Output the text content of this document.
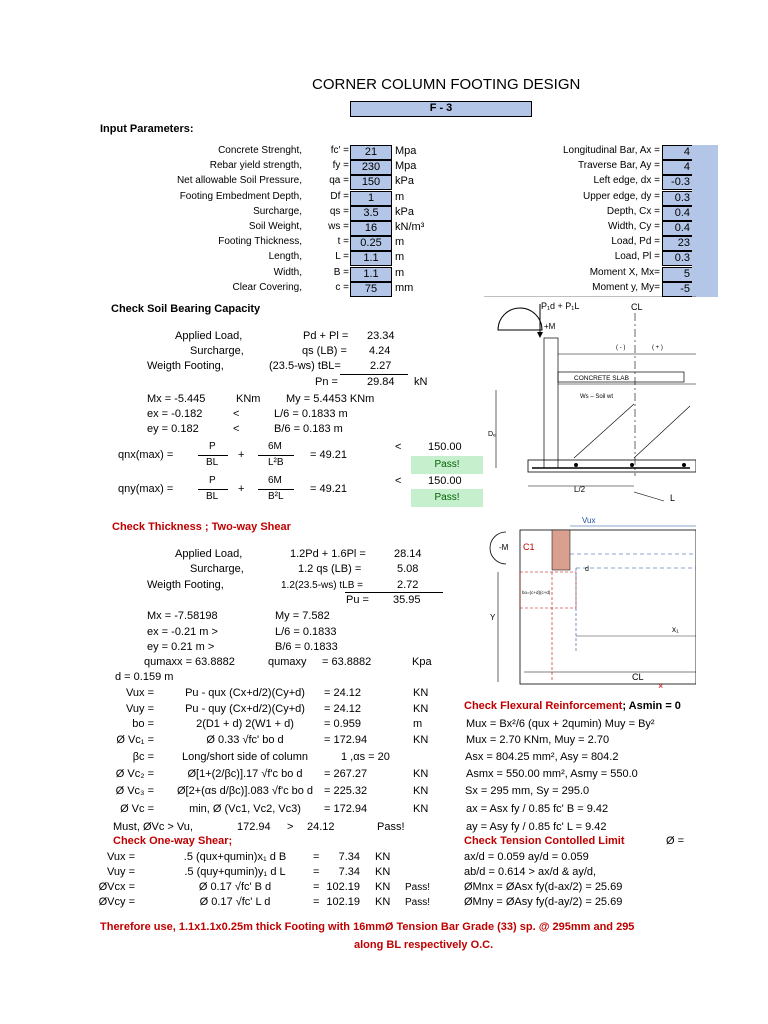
CORNER COLUMN FOOTING DESIGN
F - 3
Input Parameters:
Concrete Strenght,	fc' =	21	Mpa
Rebar yield strength,	fy =	230	Mpa
Net allowable Soil Pressure,	qa =	150	kPa
Footing Embedment Depth,	Df =	1	m
Surcharge,	qs =	3.5	kPa
Soil Weight,	ws =	16	kN/m³
Footing Thickness,	t =	0.25	m
Length,	L =	1.1	m
Width,	B =	1.1	m
Clear Covering,	c =	75	mm
Longitudinal Bar, Ax =	4
Traverse Bar, Ay =	4
Left edge, dx =	-0.3
Upper edge, dy =	0.3
Depth, Cx =	0.4
Width, Cy =	0.4
Load, Pd =	23
Load, Pl =	0.3
Moment X, Mx=	5
Moment y, My=	-5
Check Soil Bearing Capacity
Applied Load,	Pd + Pl = 23.34
Surcharge,	qs (LB) = 4.24
Weigth Footing,	(23.5-ws) tBL=	2.27
Pn =	29.84 kN
Mx = -5.445	KNm My = 5.4453 KNm
ex = -0.182	<	L/6 = 0.1833 m
ey = 0.182	<	B/6 = 0.183 m
P
BL
qnx(max) =	+
6M
L²B
= 49.21
< 150.00
Pass!
P
BL
qny(max) =	+
6M
B²L
= 49.21
< 150.00
Pass!
Check Thickness ; Two-way Shear
Applied Load,	1.2Pd + 1.6Pl =	28.14
Surcharge,	1.2 qs (LB) =	5.08
Weigth Footing,	1.2(23.5-ws) tLB =	2.72
Pu = 35.95
Mx = -7.58198	My = 7.582
ex = -0.21 m >	L/6 = 0.1833
ey = 0.21 m >	B/6 = 0.1833
qumaxx = 63.8882	qumaxy = 63.8882	Kpa
d = 0.159 m
Vux =	Pu - qux (Cx+d/2)(Cy+d)	= 24.12	KN
Vuy =	Pu - quy (Cx+d/2)(Cy+d)	= 24.12	KN
bo =	2(D1 + d) 2(W1 + d)	= 0.959	m
Ø Vc₁ =	Ø 0.33 √fc' bo d	= 172.94	KN
βc =	Long/short side of column	1 ,αs = 20
Ø Vc₂ =	Ø[1+(2/βc)].17 √f'c bo d	= 267.27	KN
Ø Vc₃ =	Ø[2+(αs d/βc)].083 √f'c bo d = 225.32	KN
Ø Vc =	min, Ø (Vc1, Vc2, Vc3)	= 172.94	KN
Must, ØVc > Vu,	172.94 > 24.12	Pass!
Check One-way Shear;
Vux =	.5 (qux+qumin)x₁ d B	= 7.34 KN
Vuy =	.5 (quy+qumin)y₁ d L	= 7.34 KN
ØVcx =	Ø 0.17 √fc' B d	= 102.19 KN Pass!
ØVcy =	Ø 0.17 √fc' L d	= 102.19 KN Pass!
Check Flexural Reinforcement; Asmin = 0
Mux = Bx²/6 (qux + 2qumin) Muy = By²
Mux = 2.70 KNm, Muy = 2.70
Asx = 804.25 mm², Asy = 804.2
Asmx = 550.00 mm², Asmy = 550.0
Sx = 295 mm, Sy = 295.0
ax = Asx fy / 0.85 fc' B = 9.42
ay = Asy fy / 0.85 fc' L = 9.42
Check Tension Contolled Limit	Ø =
ax/d = 0.059 ay/d = 0.059
ab/d = 0.614 > ax/d & ay/d,
ØMnx = ØAsx fy(d-ax/2) = 25.69
ØMny = ØAsy fy(d-ay/2) = 25.69
Therefore use, 1.1x1.1x0.25m thick Footing with 16mmØ Tension Bar Grade (33) sp. @ 295mm and 295
along BL respectively O.C.
P₁d + P₁L
+M
CL
( - )	( + )
CONCRETE SLAB
Ws – Soil wt
Dₑ
L/2
L
Vux
-M C1
d
bo=(c+d)(c+d)
Y
x₁
CL
×
